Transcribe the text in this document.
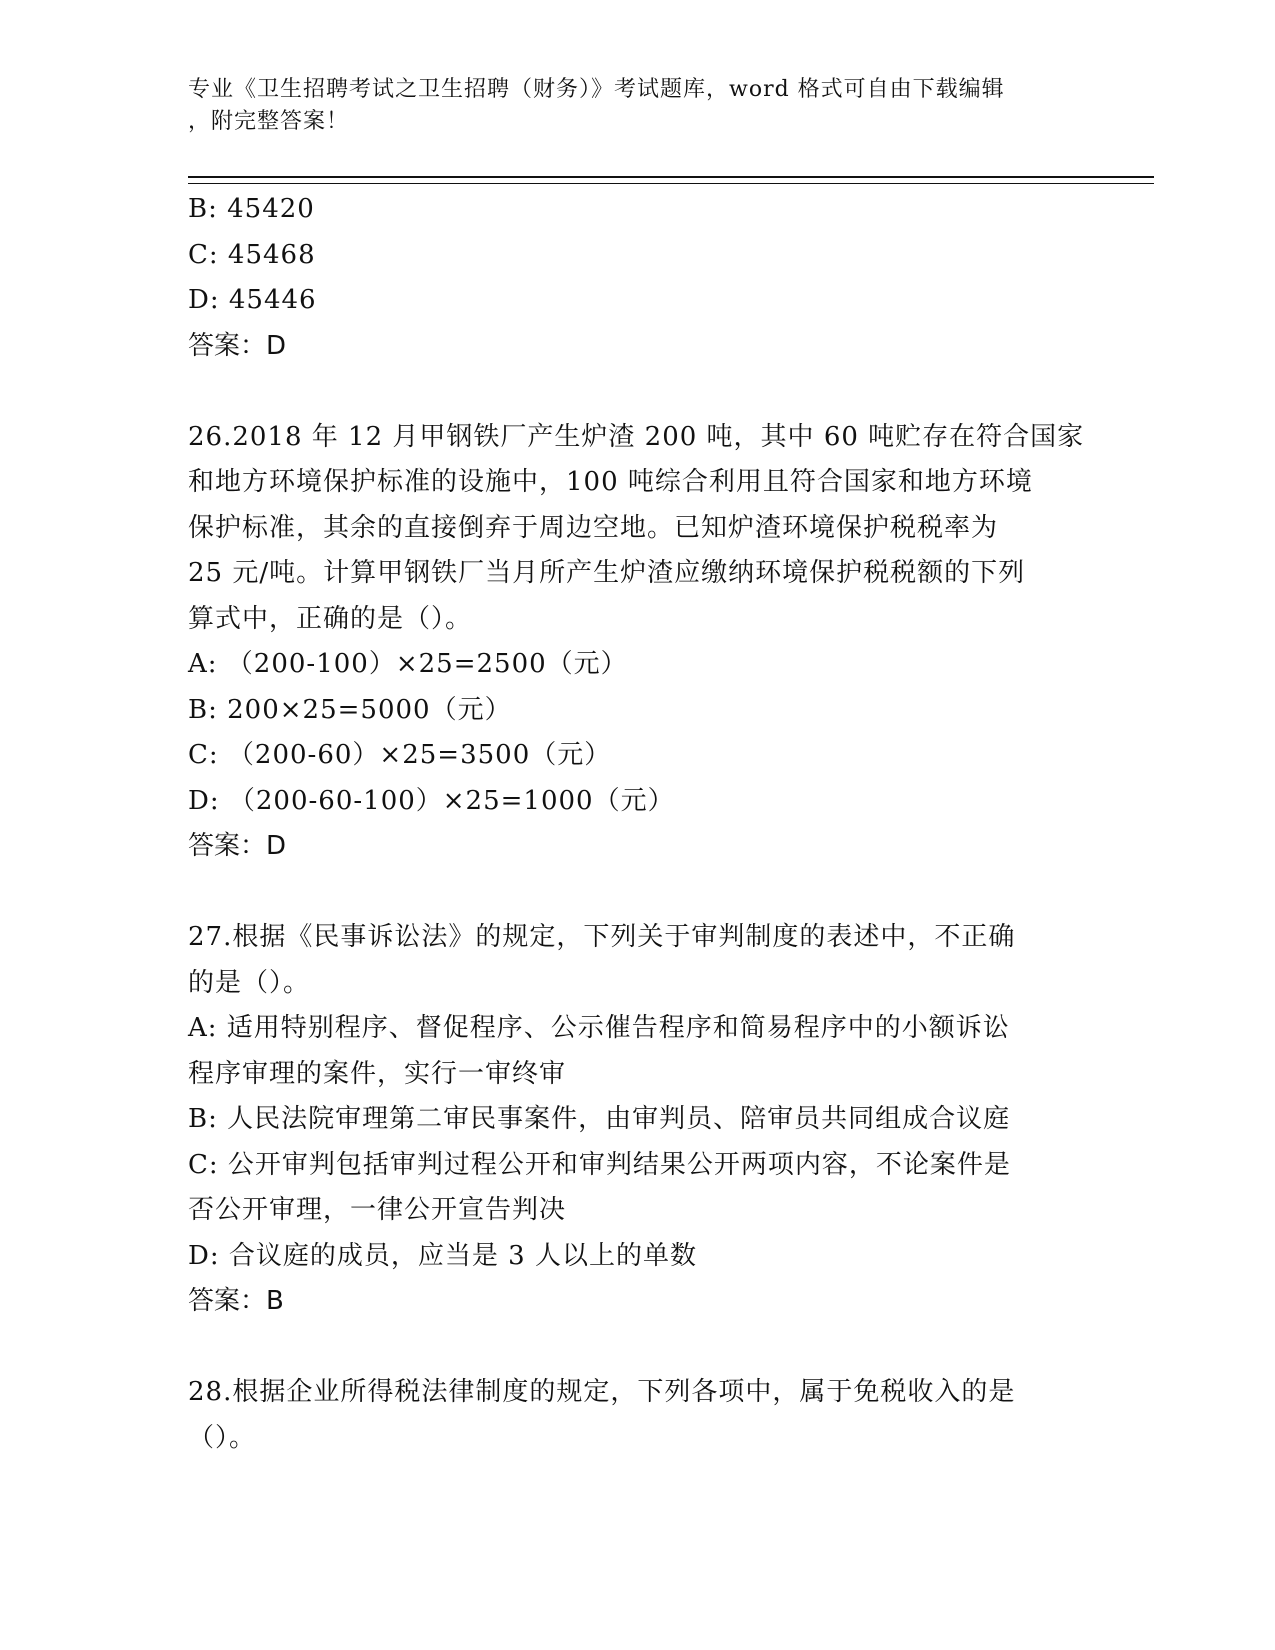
专业《卫生招聘考试之卫生招聘（财务）》考试题库，word 格式可自由下载编辑
，附完整答案！
B: 45420
C: 45468
D: 45446
答案：D
26.2018 年 12 月甲钢铁厂产生炉渣 200 吨，其中 60 吨贮存在符合国家
和地方环境保护标准的设施中，100 吨综合利用且符合国家和地方环境
保护标准，其余的直接倒弃于周边空地。已知炉渣环境保护税税率为
25 元/吨。计算甲钢铁厂当月所产生炉渣应缴纳环境保护税税额的下列
算式中，正确的是（）。
A: （200-100）×25=2500（元）
B: 200×25=5000（元）
C: （200-60）×25=3500（元）
D: （200-60-100）×25=1000（元）
答案：D
27.根据《民事诉讼法》的规定，下列关于审判制度的表述中，不正确
的是（）。
A: 适用特别程序、督促程序、公示催告程序和简易程序中的小额诉讼
程序审理的案件，实行一审终审
B: 人民法院审理第二审民事案件，由审判员、陪审员共同组成合议庭
C: 公开审判包括审判过程公开和审判结果公开两项内容，不论案件是
否公开审理，一律公开宣告判决
D: 合议庭的成员，应当是 3 人以上的单数
答案：B
28.根据企业所得税法律制度的规定，下列各项中，属于免税收入的是
（）。
